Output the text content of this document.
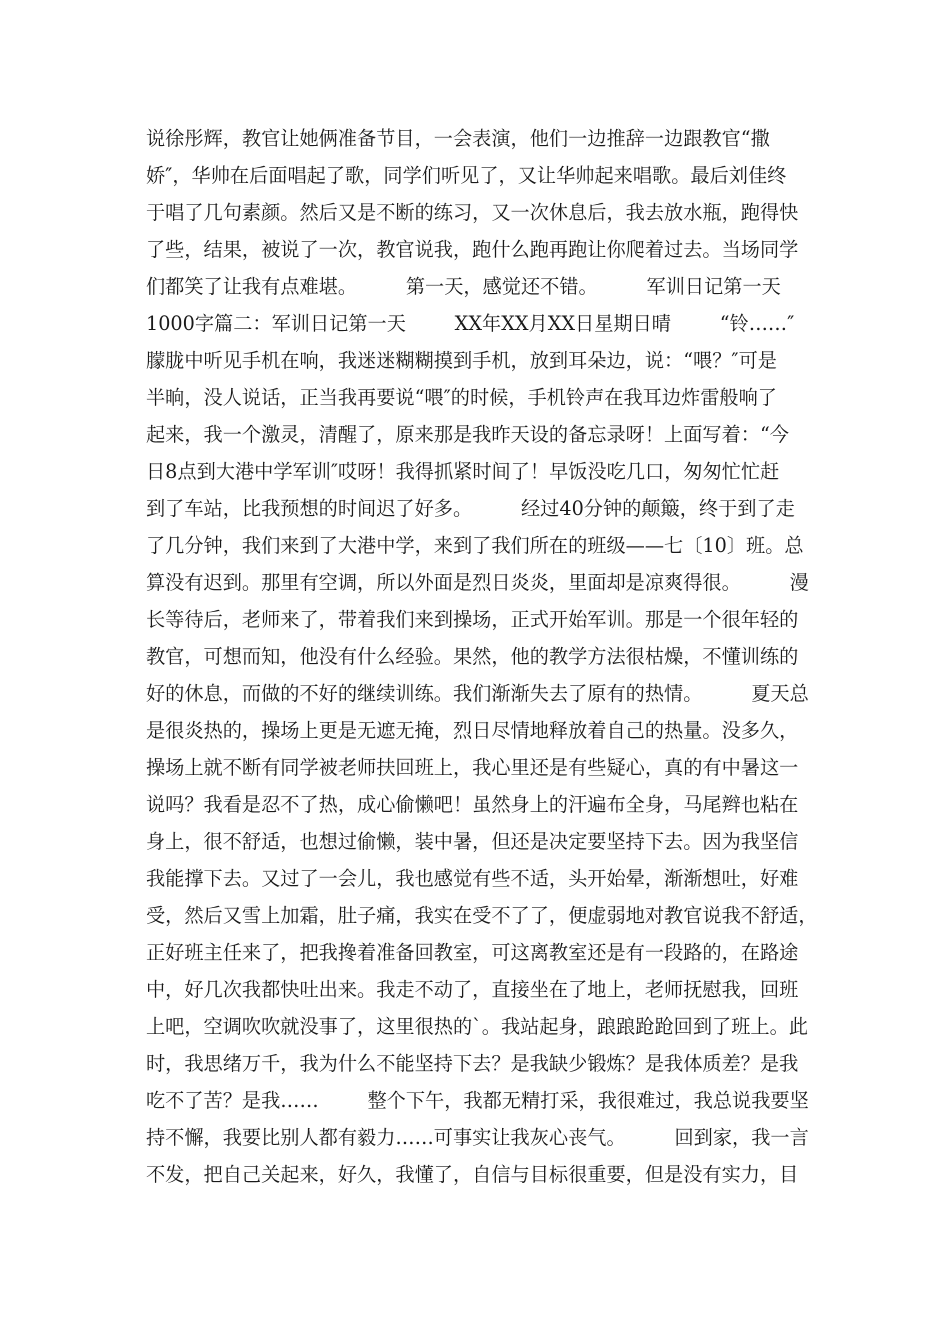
说徐彤辉，教官让她俩准备节目，一会表演，他们一边推辞一边跟教官“撒
娇″，华帅在后面唱起了歌，同学们听见了，又让华帅起来唱歌。最后刘佳终
于唱了几句素颜。然后又是不断的练习，又一次休息后，我去放水瓶，跑得快
了些，结果，被说了一次，教官说我，跑什么跑再跑让你爬着过去。当场同学
们都笑了让我有点难堪。        第一天，感觉还不错。        军训日记第一天
1000字篇二：军训日记第一天        XX年XX月XX日星期日晴        “铃……″
朦胧中听见手机在响，我迷迷糊糊摸到手机，放到耳朵边，说：“喂？″可是
半晌，没人说话，正当我再要说“喂″的时候，手机铃声在我耳边炸雷般响了
起来，我一个激灵，清醒了，原来那是我昨天设的备忘录呀！上面写着：“今
日8点到大港中学军训″哎呀！我得抓紧时间了！早饭没吃几口，匆匆忙忙赶
到了车站，比我预想的时间迟了好多。        经过40分钟的颠簸，终于到了走
了几分钟，我们来到了大港中学，来到了我们所在的班级——七〔10〕班。总
算没有迟到。那里有空调，所以外面是烈日炎炎，里面却是凉爽得很。        漫
长等待后，老师来了，带着我们来到操场，正式开始军训。那是一个很年轻的
教官，可想而知，他没有什么经验。果然，他的教学方法很枯燥，不懂训练的
好的休息，而做的不好的继续训练。我们渐渐失去了原有的热情。        夏天总
是很炎热的，操场上更是无遮无掩，烈日尽情地释放着自己的热量。没多久，
操场上就不断有同学被老师扶回班上，我心里还是有些疑心，真的有中暑这一
说吗？我看是忍不了热，成心偷懒吧！虽然身上的汗遍布全身，马尾辫也粘在
身上，很不舒适，也想过偷懒，装中暑，但还是决定要坚持下去。因为我坚信
我能撑下去。又过了一会儿，我也感觉有些不适，头开始晕，渐渐想吐，好难
受，然后又雪上加霜，肚子痛，我实在受不了了，便虚弱地对教官说我不舒适，
正好班主任来了，把我搀着准备回教室，可这离教室还是有一段路的，在路途
中，好几次我都快吐出来。我走不动了，直接坐在了地上，老师抚慰我，回班
上吧，空调吹吹就没事了，这里很热的`。我站起身，踉踉跄跄回到了班上。此
时，我思绪万千，我为什么不能坚持下去？是我缺少锻炼？是我体质差？是我
吃不了苦？是我……        整个下午，我都无精打采，我很难过，我总说我要坚
持不懈，我要比别人都有毅力……可事实让我灰心丧气。        回到家，我一言
不发，把自己关起来，好久，我懂了，自信与目标很重要，但是没有实力，目
